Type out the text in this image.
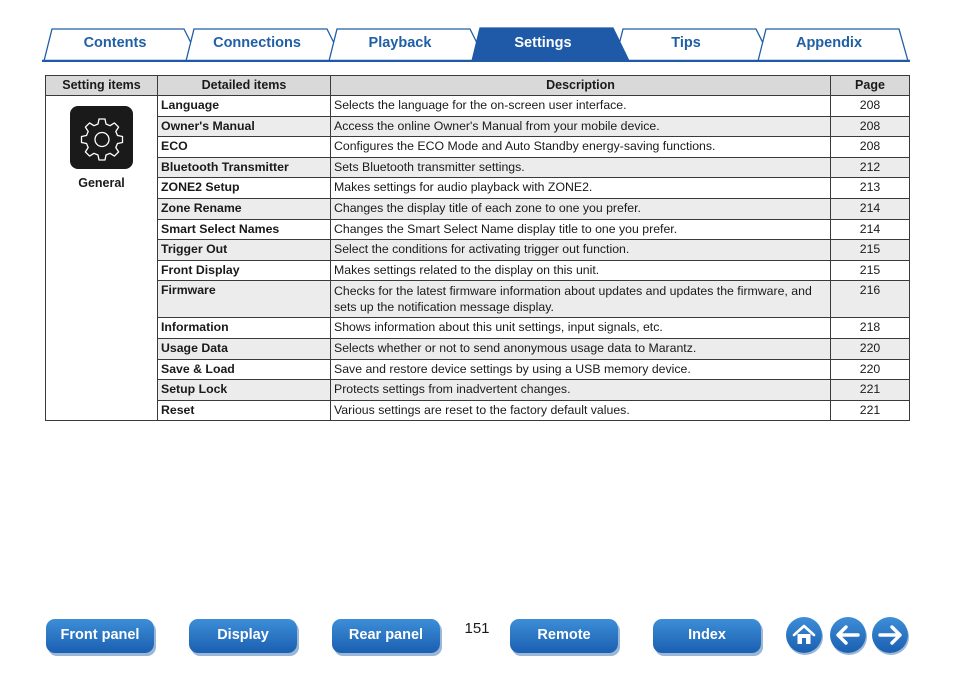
Contents	Connections	Playback	Settings	Tips	Appendix
Setting items	Detailed items	Description	Page

General	Language	Selects the language for the on-screen user interface.	208
	Owner's Manual	Access the online Owner's Manual from your mobile device.	208
	ECO	Configures the ECO Mode and Auto Standby energy-saving functions.	208
	Bluetooth Transmitter	Sets Bluetooth transmitter settings.	212
	ZONE2 Setup	Makes settings for audio playback with ZONE2.	213
	Zone Rename	Changes the display title of each zone to one you prefer.	214
	Smart Select Names	Changes the Smart Select Name display title to one you prefer.	214
	Trigger Out	Select the conditions for activating trigger out function.	215
	Front Display	Makes settings related to the display on this unit.	215
	Firmware	Checks for the latest firmware information about updates and updates the firmware, and sets up the notification message display.	216
	Information	Shows information about this unit settings, input signals, etc.	218
	Usage Data	Selects whether or not to send anonymous usage data to Marantz.	220
	Save & Load	Save and restore device settings by using a USB memory device.	220
	Setup Lock	Protects settings from inadvertent changes.	221
	Reset	Various settings are reset to the factory default values.	221
Front panel	Display	Rear panel	151	Remote	Index
